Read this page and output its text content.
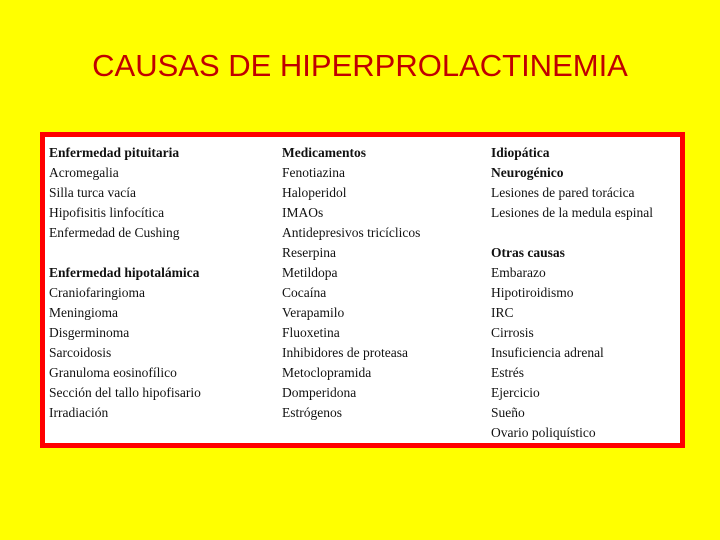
CAUSAS DE HIPERPROLACTINEMIA
Enfermedad pituitaria
Acromegalia
Silla turca vacía
Hipofisitis linfocítica
Enfermedad de Cushing
Enfermedad hipotalámica
Craniofaringioma
Meningioma
Disgerminoma
Sarcoidosis
Granuloma eosinofílico
Sección del tallo hipofisario
Irradiación
Medicamentos
Fenotiazina
Haloperidol
IMAOs
Antidepresivos tricíclicos
Reserpina
Metildopa
Cocaína
Verapamilo
Fluoxetina
Inhibidores de proteasa
Metoclopramida
Domperidona
Estrógenos
Idiopática
Neurogénico
Lesiones de pared torácica
Lesiones de la medula espinal
Otras causas
Embarazo
Hipotiroidismo
IRC
Cirrosis
Insuficiencia adrenal
Estrés
Ejercicio
Sueño
Ovario poliquístico
